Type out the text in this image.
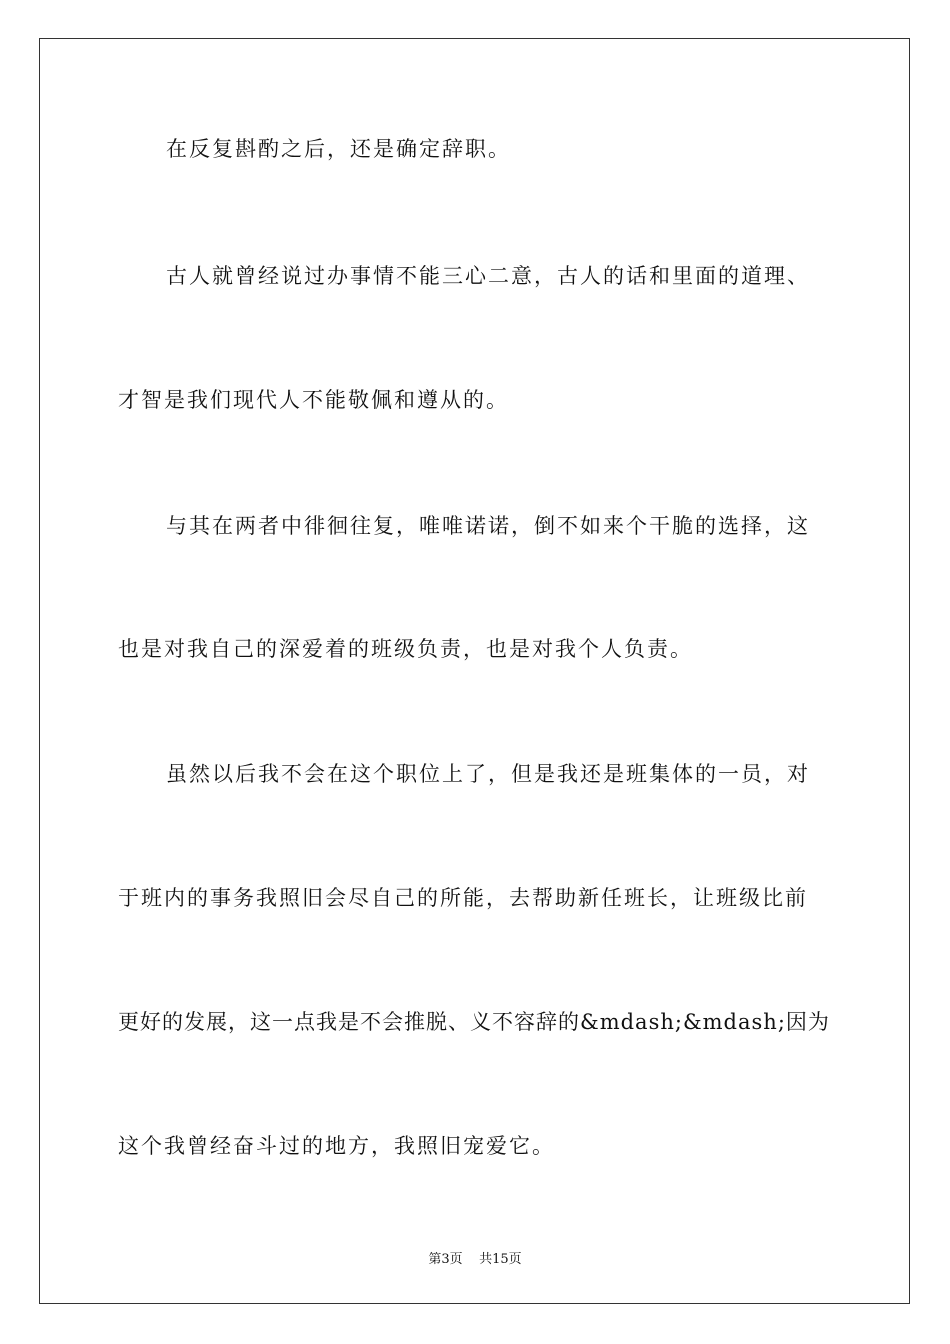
在反复斟酌之后，还是确定辞职。
古人就曾经说过办事情不能三心二意，古人的话和里面的道理、
才智是我们现代人不能敬佩和遵从的。
与其在两者中徘徊往复，唯唯诺诺，倒不如来个干脆的选择，这
也是对我自己的深爱着的班级负责，也是对我个人负责。
虽然以后我不会在这个职位上了，但是我还是班集体的一员，对
于班内的事务我照旧会尽自己的所能，去帮助新任班长，让班级比前
更好的发展，这一点我是不会推脱、义不容辞的&mdash;&mdash;因为
这个我曾经奋斗过的地方，我照旧宠爱它。
第3页 共15页
